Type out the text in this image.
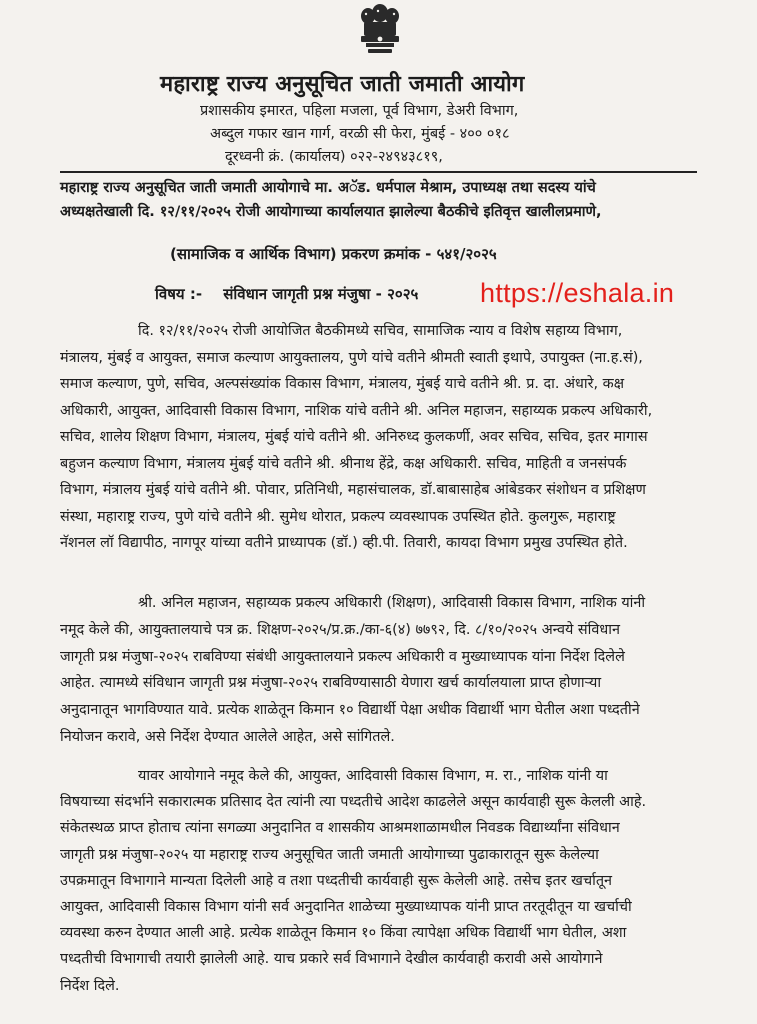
महाराष्ट्र राज्य अनुसूचित जाती जमाती आयोग
प्रशासकीय इमारत, पहिला मजला, पूर्व विभाग, डेअरी विभाग,
अब्दुल गफार खान गार्ग, वरळी सी फेरा, मुंबई - ४०० ०१८
दूरध्वनी क्रं. (कार्यालय) ०२२-२४९४३८१९,
महाराष्ट्र राज्य अनुसूचित जाती जमाती आयोगाचे मा. अॅड. धर्मपाल मेश्राम, उपाध्यक्ष तथा सदस्य यांचे
अध्यक्षतेखाली दि. १२/११/२०२५ रोजी आयोगाच्या कार्यालयात झालेल्या बैठकीचे इतिवृत्त खालीलप्रमाणे,
(सामाजिक व आर्थिक विभाग) प्रकरण क्रमांक - ५४१/२०२५
विषय :- संविधान जागृती प्रश्न मंजुषा - २०२५ https://eshala.in
दि. १२/११/२०२५ रोजी आयोजित बैठकीमध्ये सचिव, सामाजिक न्याय व विशेष सहाय्य विभाग,
मंत्रालय, मुंबई व आयुक्त, समाज कल्याण आयुक्तालय, पुणे यांचे वतीने श्रीमती स्वाती इथापे, उपायुक्त (ना.ह.सं),
समाज कल्याण, पुणे, सचिव, अल्पसंख्यांक विकास विभाग, मंत्रालय, मुंबई याचे वतीने श्री. प्र. दा. अंधारे, कक्ष
अधिकारी, आयुक्त, आदिवासी विकास विभाग, नाशिक यांचे वतीने श्री. अनिल महाजन, सहाय्यक प्रकल्प अधिकारी,
सचिव, शालेय शिक्षण विभाग, मंत्रालय, मुंबई यांचे वतीने श्री. अनिरुध्द कुलकर्णी, अवर सचिव, सचिव, इतर मागास
बहुजन कल्याण विभाग, मंत्रालय मुंबई यांचे वतीने श्री. श्रीनाथ हेंद्रे, कक्ष अधिकारी. सचिव, माहिती व जनसंपर्क
विभाग, मंत्रालय मुंबई यांचे वतीने श्री. पोवार, प्रतिनिधी, महासंचालक, डॉ.बाबासाहेब आंबेडकर संशोधन व प्रशिक्षण
संस्था, महाराष्ट्र राज्य, पुणे यांचे वतीने श्री. सुमेध थोरात, प्रकल्प व्यवस्थापक उपस्थित होते. कुलगुरू, महाराष्ट्र
नॅशनल लॉ विद्यापीठ, नागपूर यांच्या वतीने प्राध्यापक (डॉ.) व्ही.पी. तिवारी, कायदा विभाग प्रमुख उपस्थित होते.
श्री. अनिल महाजन, सहाय्यक प्रकल्प अधिकारी (शिक्षण), आदिवासी विकास विभाग, नाशिक यांनी
नमूद केले की, आयुक्तालयाचे पत्र क्र. शिक्षण-२०२५/प्र.क्र./का-६(४) ७७९२, दि. ८/१०/२०२५ अन्वये संविधान
जागृती प्रश्न मंजुषा-२०२५ राबविण्या संबंधी आयुक्तालयाने प्रकल्प अधिकारी व मुख्याध्यापक यांना निर्देश दिलेले
आहेत. त्यामध्ये संविधान जागृती प्रश्न मंजुषा-२०२५ राबविण्यासाठी येणारा खर्च कार्यालयाला प्राप्त होणाऱ्या
अनुदानातून भागविण्यात यावे. प्रत्येक शाळेतून किमान १० विद्यार्थी पेक्षा अधीक विद्यार्थी भाग घेतील अशा पध्दतीने
नियोजन करावे, असे निर्देश देण्यात आलेले आहेत, असे सांगितले.
यावर आयोगाने नमूद केले की, आयुक्त, आदिवासी विकास विभाग, म. रा., नाशिक यांनी या
विषयाच्या संदर्भाने सकारात्मक प्रतिसाद देत त्यांनी त्या पध्दतीचे आदेश काढलेले असून कार्यवाही सुरू केलली आहे.
संकेतस्थळ प्राप्त होताच त्यांना सगळ्या अनुदानित व शासकीय आश्रमशाळामधील निवडक विद्यार्थ्यांना संविधान
जागृती प्रश्न मंजुषा-२०२५ या महाराष्ट्र राज्य अनुसूचित जाती जमाती आयोगाच्या पुढाकारातून सुरू केलेल्या
उपक्रमातून विभागाने मान्यता दिलेली आहे व तशा पध्दतीची कार्यवाही सुरू केलेली आहे. तसेच इतर खर्चातून
आयुक्त, आदिवासी विकास विभाग यांनी सर्व अनुदानित शाळेच्या मुख्याध्यापक यांनी प्राप्त तरतूदीतून या खर्चाची
व्यवस्था करुन देण्यात आली आहे. प्रत्येक शाळेतून किमान १० किंवा त्यापेक्षा अधिक विद्यार्थी भाग घेतील, अशा
पध्दतीची विभागाची तयारी झालेली आहे. याच प्रकारे सर्व विभागाने देखील कार्यवाही करावी असे आयोगाने
निर्देश दिले.
